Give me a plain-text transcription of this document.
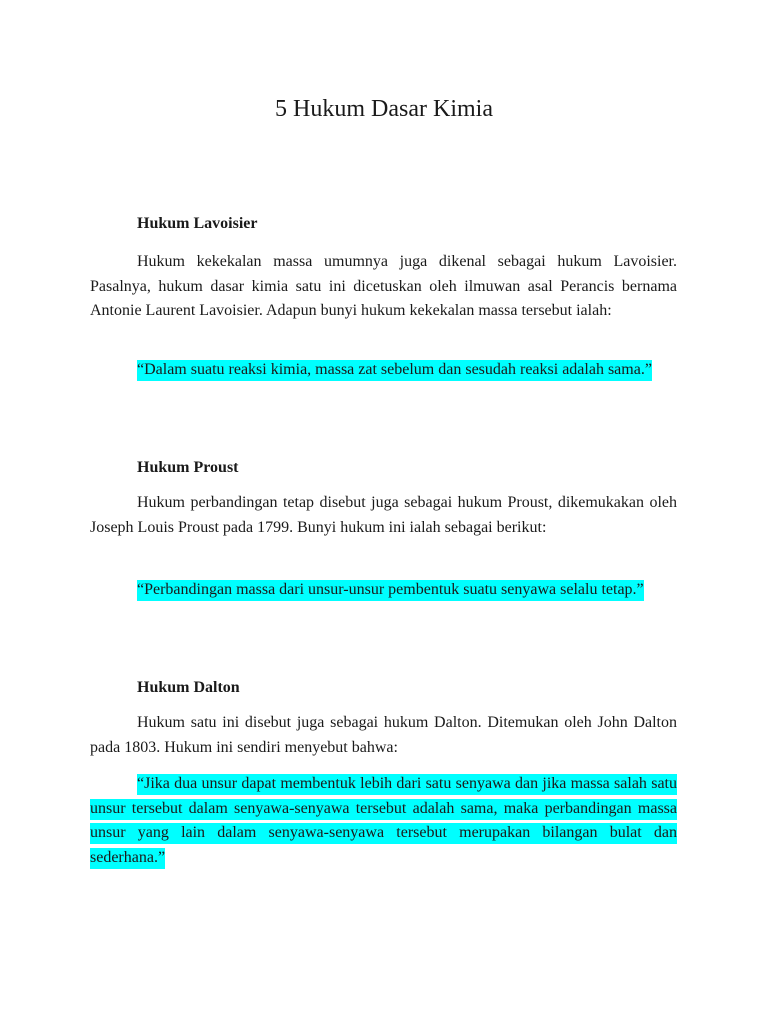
5 Hukum Dasar Kimia
Hukum Lavoisier

Hukum kekekalan massa umumnya juga dikenal sebagai hukum Lavoisier. Pasalnya, hukum dasar kimia satu ini dicetuskan oleh ilmuwan asal Perancis bernama Antonie Laurent Lavoisier. Adapun bunyi hukum kekekalan massa tersebut ialah:

“Dalam suatu reaksi kimia, massa zat sebelum dan sesudah reaksi adalah sama.”

Hukum Proust

Hukum perbandingan tetap disebut juga sebagai hukum Proust, dikemukakan oleh Joseph Louis Proust pada 1799. Bunyi hukum ini ialah sebagai berikut:

“Perbandingan massa dari unsur-unsur pembentuk suatu senyawa selalu tetap.”

Hukum Dalton

Hukum satu ini disebut juga sebagai hukum Dalton. Ditemukan oleh John Dalton pada 1803. Hukum ini sendiri menyebut bahwa:

“Jika dua unsur dapat membentuk lebih dari satu senyawa dan jika massa salah satu unsur tersebut dalam senyawa-senyawa tersebut adalah sama, maka perbandingan massa unsur yang lain dalam senyawa-senyawa tersebut merupakan bilangan bulat dan sederhana.”
